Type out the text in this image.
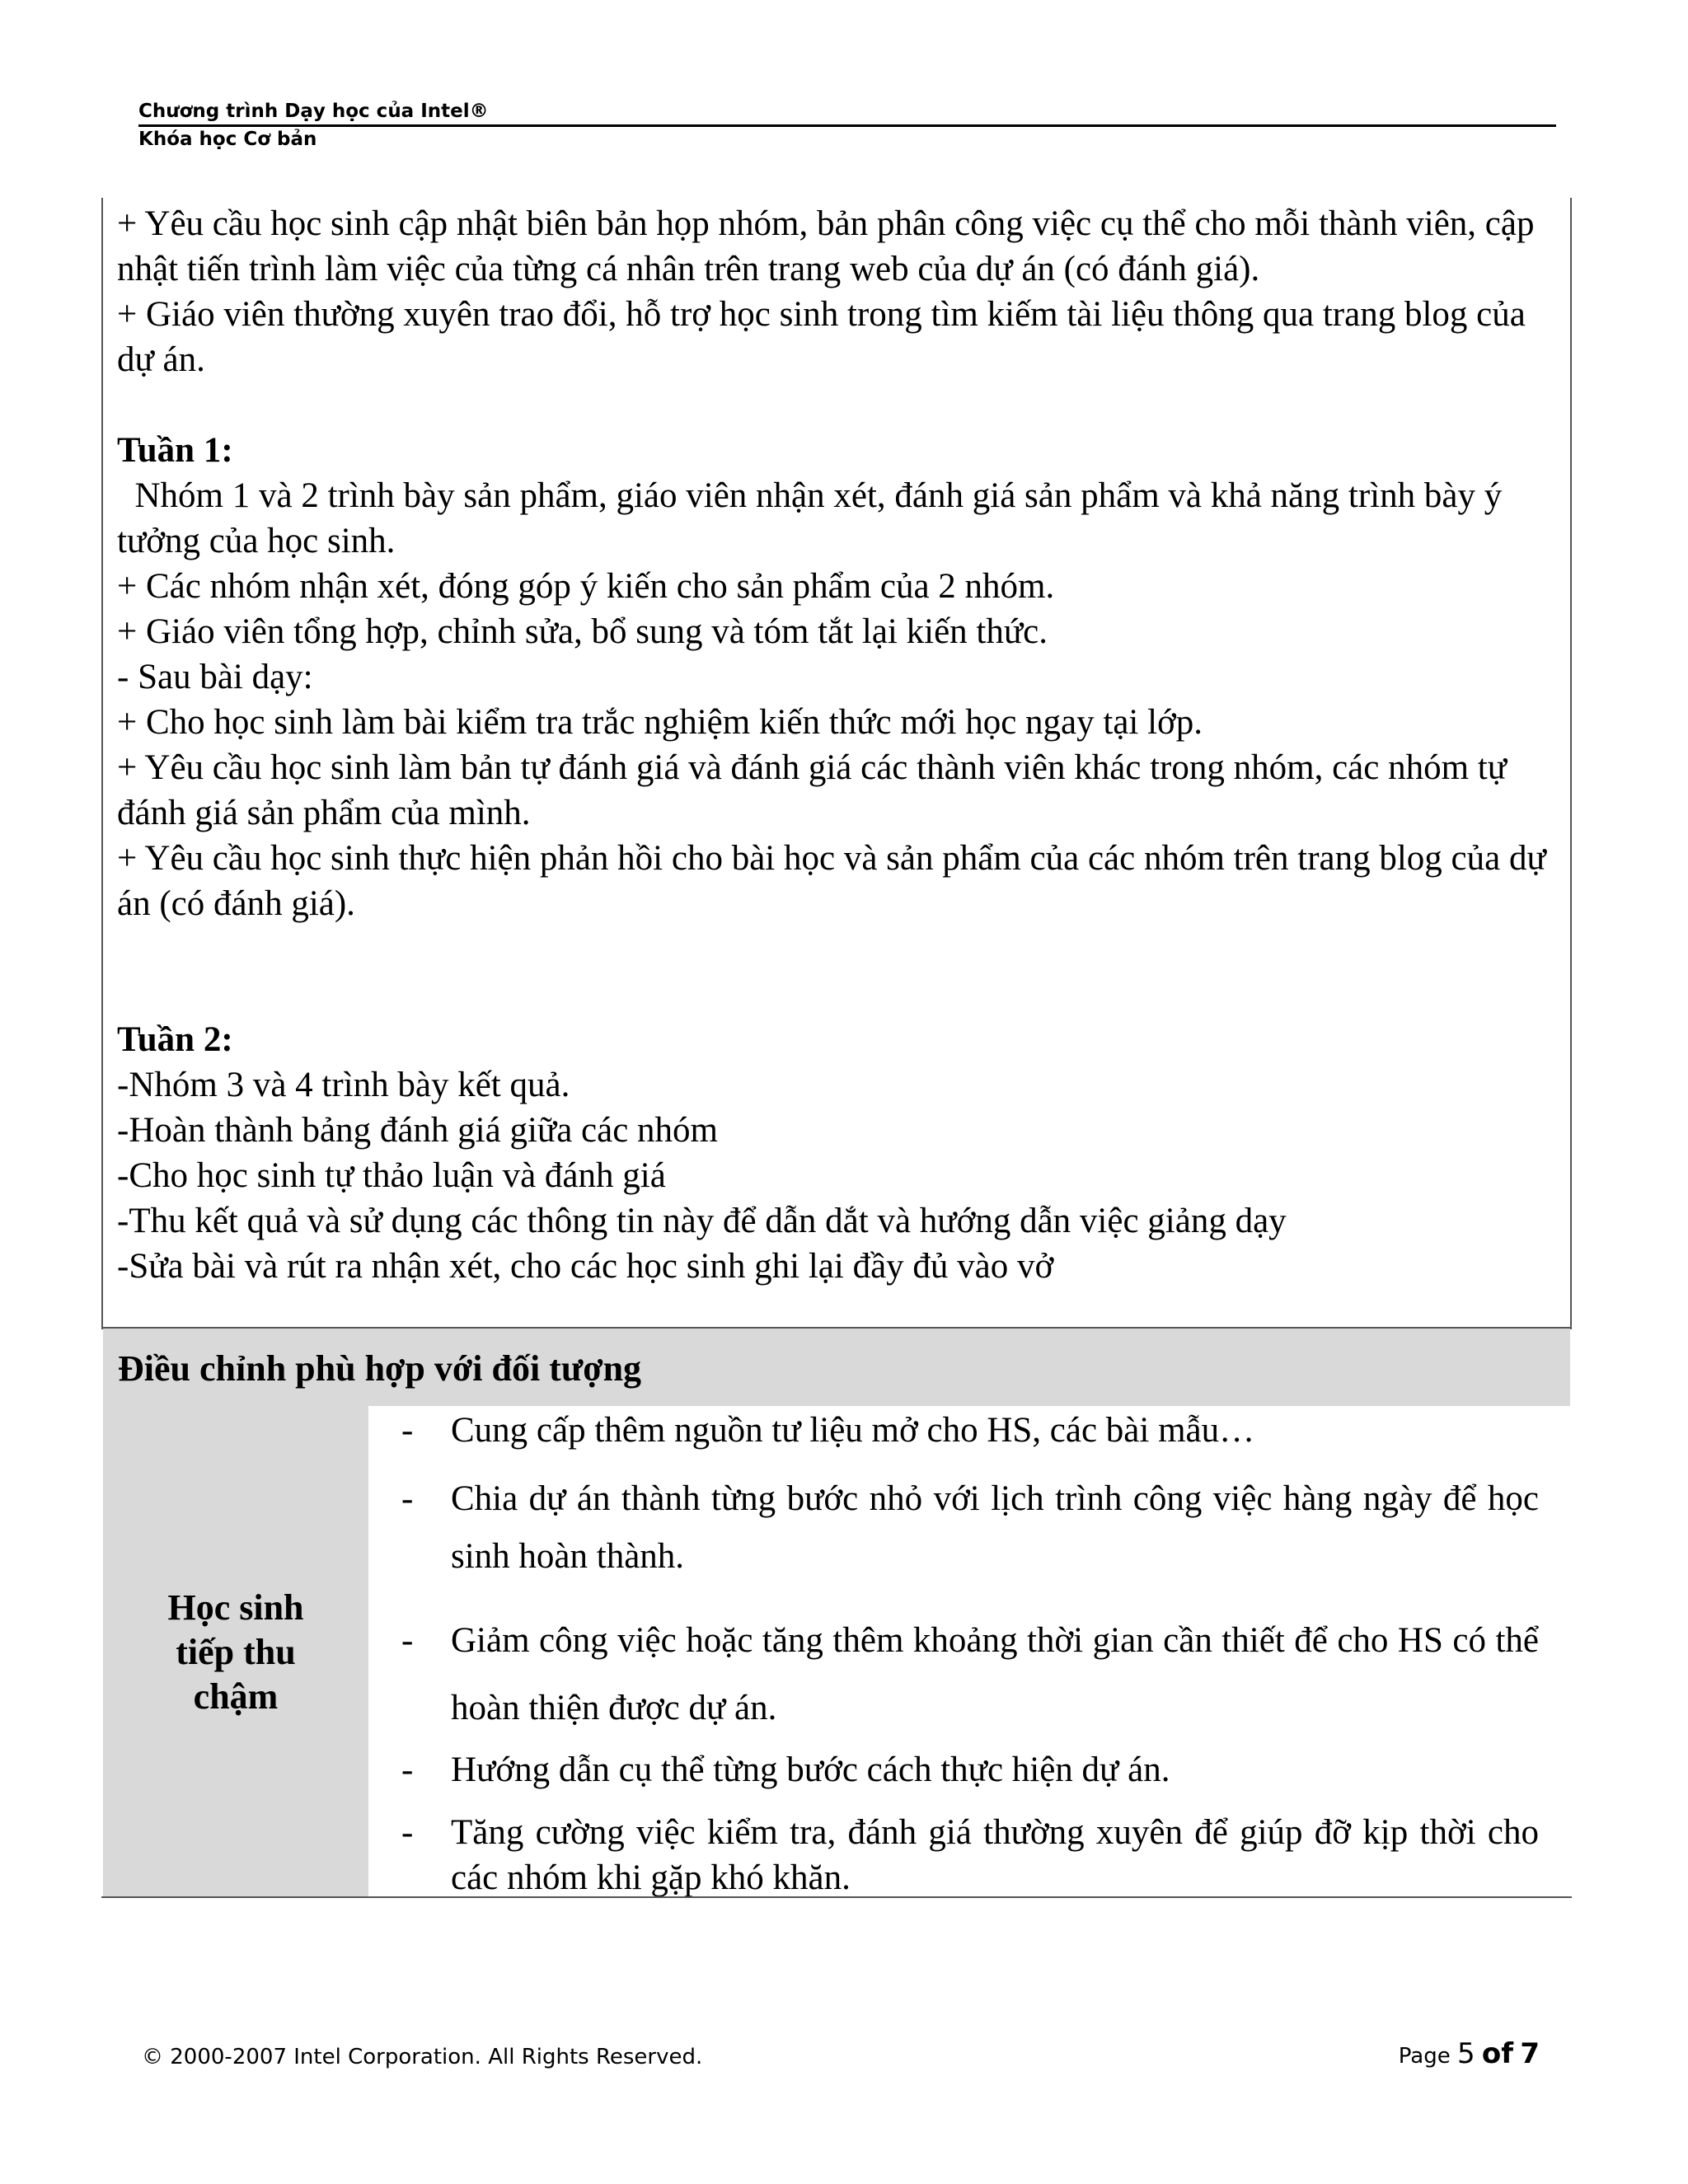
Chương trình Dạy học của Intel®
Khóa học Cơ bản

+ Yêu cầu học sinh cập nhật biên bản họp nhóm, bản phân công việc cụ thể cho mỗi thành viên, cập nhật tiến trình làm việc của từng cá nhân trên trang web của dự án (có đánh giá).

+ Giáo viên thường xuyên trao đổi, hỗ trợ học sinh trong tìm kiếm tài liệu thông qua trang blog của dự án.

Tuần 1:

Nhóm 1 và 2 trình bày sản phẩm, giáo viên nhận xét, đánh giá sản phẩm và khả năng trình bày ý tưởng của học sinh.

+ Các nhóm nhận xét, đóng góp ý kiến cho sản phẩm của 2 nhóm.

+ Giáo viên tổng hợp, chỉnh sửa, bổ sung và tóm tắt lại kiến thức.

- Sau bài dạy:

+ Cho học sinh làm bài kiểm tra trắc nghiệm kiến thức mới học ngay tại lớp.

+ Yêu cầu học sinh làm bản tự đánh giá và đánh giá các thành viên khác trong nhóm, các nhóm tự đánh giá sản phẩm của mình.

+ Yêu cầu học sinh thực hiện phản hồi cho bài học và sản phẩm của các nhóm trên trang blog của dự án (có đánh giá).

Tuần 2:

-Nhóm 3 và 4 trình bày kết quả.

-Hoàn thành bảng đánh giá giữa các nhóm

-Cho học sinh tự thảo luận và đánh giá

-Thu kết quả và sử dụng các thông tin này để dẫn dắt và hướng dẫn việc giảng dạy

-Sửa bài và rút ra nhận xét, cho các học sinh ghi lại đầy đủ vào vở

Điều chỉnh phù hợp với đối tượng
Học sinh
tiếp thu
chậm
- Cung cấp thêm nguồn tư liệu mở cho HS, các bài mẫu…
- Chia dự án thành từng bước nhỏ với lịch trình công việc hàng ngày để học sinh hoàn thành.
- Giảm công việc hoặc tăng thêm khoảng thời gian cần thiết để cho HS có thể hoàn thiện được dự án.
- Hướng dẫn cụ thể từng bước cách thực hiện dự án.
- Tăng cường việc kiểm tra, đánh giá thường xuyên để giúp đỡ kịp thời cho các nhóm khi gặp khó khăn.
© 2000-2007 Intel Corporation. All Rights Reserved.	Page 5 of 7
